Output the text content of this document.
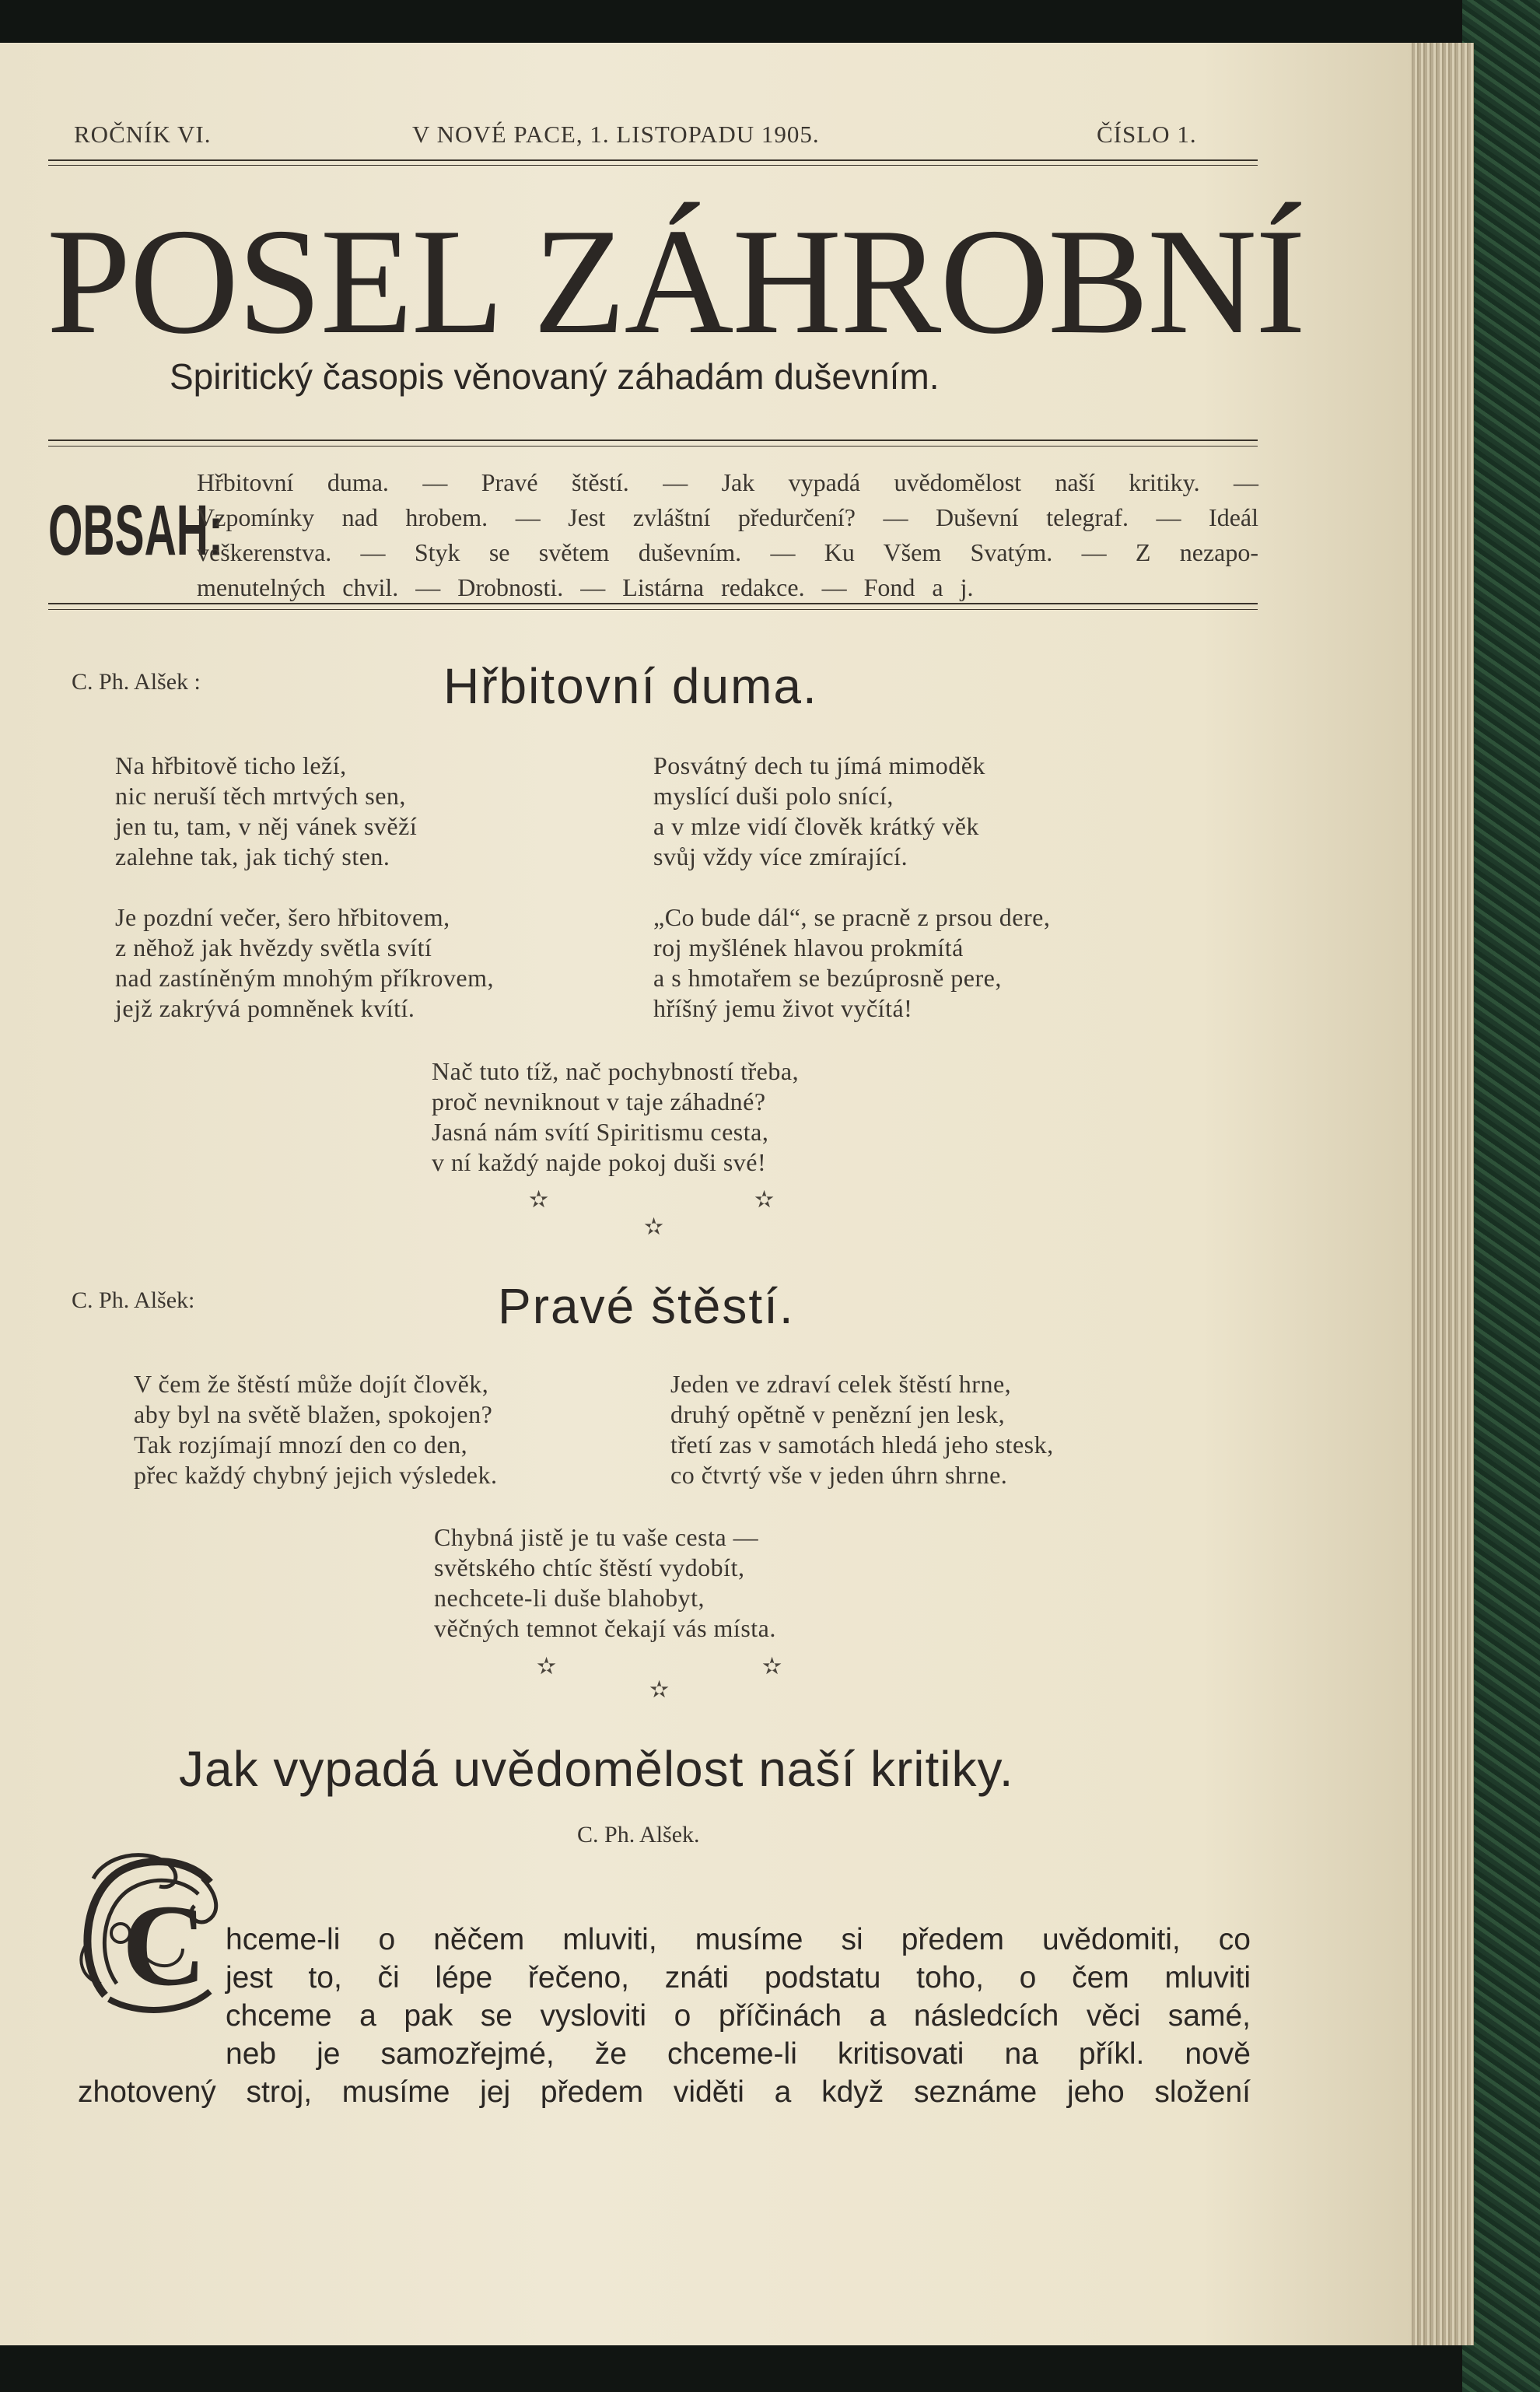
ROČNÍK VI.	V NOVÉ PACE, 1. LISTOPADU 1905.	ČÍSLO 1.
POSEL ZÁHROBNÍ
Spiritický časopis věnovaný záhadám duševním.
OBSAH:
Hřbitovní duma. — Pravé štěstí. — Jak vypadá uvědomělost naší kritiky. —
Vzpomínky nad hrobem. — Jest zvláštní předurčení? — Duševní telegraf. — Ideál
veškerenstva. — Styk se světem duševním. — Ku Všem Svatým. — Z nezapo-
menutelných chvil. — Drobnosti. — Listárna redakce. — Fond a j.
C. Ph. Alšek :	Hřbitovní duma.
Na hřbitově ticho leží,
nic neruší těch mrtvých sen,
jen tu, tam, v něj vánek svěží
zalehne tak, jak tichý sten.
Je pozdní večer, šero hřbitovem,
z něhož jak hvězdy světla svítí
nad zastíněným mnohým příkrovem,
jejž zakrývá pomněnek kvítí.
Posvátný dech tu jímá mimoděk
myslící duši polo snící,
a v mlze vidí člověk krátký věk
svůj vždy více zmírající.
„Co bude dál“, se pracně z prsou dere,
roj myšlének hlavou prokmítá
a s hmotařem se bezúprosně pere,
hříšný jemu život vyčítá!
Nač tuto tíž, nač pochybností třeba,
proč nevniknout v taje záhadné?
Jasná nám svítí Spiritismu cesta,
v ní každý najde pokoj duši své!
✫	✫
✫
C. Ph. Alšek:	Pravé štěstí.
V čem že štěstí může dojít člověk,
aby byl na světě blažen, spokojen?
Tak rozjímají mnozí den co den,
přec každý chybný jejich výsledek.
Jeden ve zdraví celek štěstí hrne,
druhý opětně v penězní jen lesk,
třetí zas v samotách hledá jeho stesk,
co čtvrtý vše v jeden úhrn shrne.
Chybná jistě je tu vaše cesta —
světského chtíc štěstí vydobít,
nechcete-li duše blahobyt,
věčných temnot čekají vás místa.
✫	✫
✫
Jak vypadá uvědomělost naší kritiky.
C. Ph. Alšek.
C hceme-li o něčem mluviti, musíme si předem uvědomiti, co
jest to, či lépe řečeno, znáti podstatu toho, o čem mluviti
chceme a pak se vysloviti o příčinách a následcích věci samé,
neb je samozřejmé, že chceme-li kritisovati na příkl. nově
zhotovený stroj, musíme jej předem viděti a když seznáme jeho složení
